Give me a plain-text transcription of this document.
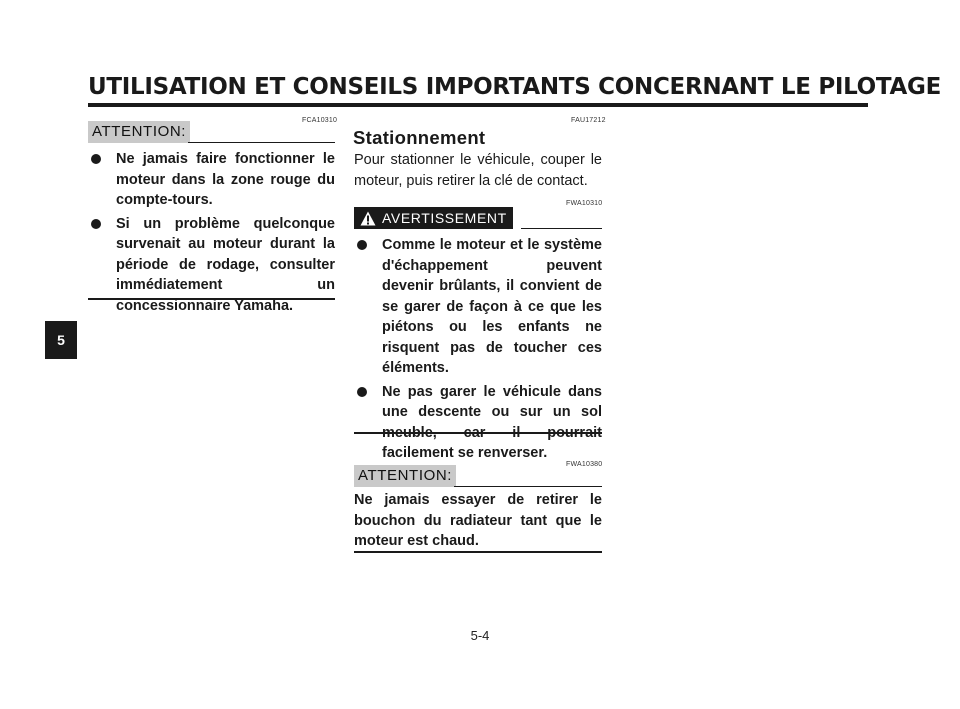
UTILISATION ET CONSEILS IMPORTANTS CONCERNANT LE PILOTAGE
5
FCA10310
ATTENTION:
Ne jamais faire fonctionner le moteur dans la zone rouge du compte-tours.
Si un problème quelconque survenait au moteur durant la période de rodage, consulter immédiatement un concessionnaire Yamaha.
FAU17212
Stationnement
Pour stationner le véhicule, couper le moteur, puis retirer la clé de contact.
FWA10310
AVERTISSEMENT
Comme le moteur et le système d'échappement peuvent devenir brûlants, il convient de se garer de façon à ce que les piétons ou les enfants ne risquent pas de toucher ces éléments.
Ne pas garer le véhicule dans une descente ou sur un sol meuble, car il pourrait facilement se renverser.
FWA10380
ATTENTION:
Ne jamais essayer de retirer le bouchon du radiateur tant que le moteur est chaud.
5-4
